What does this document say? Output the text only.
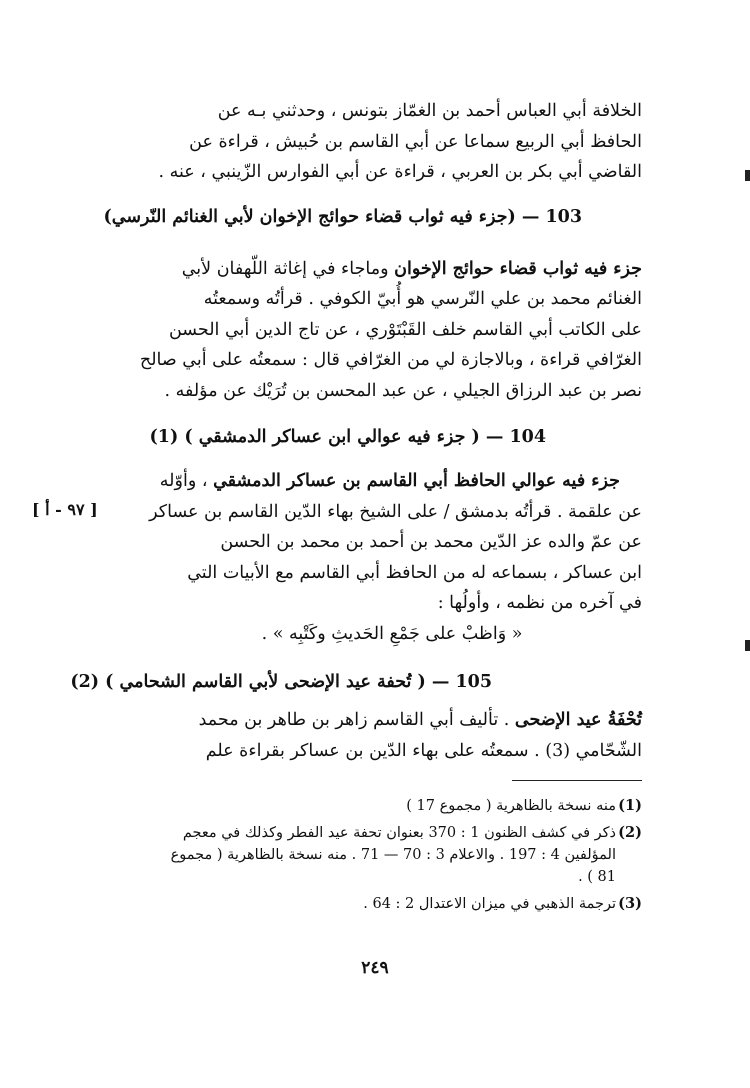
[ ٩٧ - أ ]
الخلافة أبي العباس أحمد بن الغمّاز بتونس ، وحدثني بـه عن
الحافظ أبي الربيع سماعا عن أبي القاسم بن حُبيش ، قراءة عن
القاضي أبي بكر بن العربي ، قراءة عن أبي الفوارس الزّينبي ، عنه .
103 — (جزء فيه ثواب قضاء حوائج الإخوان لأبي الغنائم النّرسي)
جزء فيه ثواب قضاء حوائج الإخوان وماجاء في إغاثة اللّهفان لأبي
الغنائم محمد بن علي النّرسي هو أُبيّ الكوفي . قرأتُه وسمعتُه
على الكاتب أبي القاسم خلف القَبْتَوْري ، عن تاج الدين أبي الحسن
الغرّافي قراءة ، وبالاجازة لي من الغرّافي قال : سمعتُه على أبي صالح
نصر بن عبد الرزاق الجيلي ، عن عبد المحسن بن تُرَيْك عن مؤلفه .
104 — ( جزء فيه عوالي ابن عساكر الدمشقي ) (1)
جزء فيه عوالي الحافظ أبي القاسم بن عساكر الدمشقي ، وأوّله
عن علقمة . قرأتُه بدمشق / على الشيخ بهاء الدّين القاسم بن عساكر
عن عمّ والده عز الدّين محمد بن أحمد بن محمد بن الحسن
ابن عساكر ، بسماعه له من الحافظ أبي القاسم مع الأبيات التي
في آخره من نظمه ، وأولُها :
« وَاظبْ على جَمْعِ الحَديثِ وكَتْبِه » .
105 — ( تُحفة عيد الإضحى لأبي القاسم الشحامي ) (2)
تُحْفَةُ عيد الإضحى . تأليف أبي القاسم زاهر بن طاهر بن محمد
الشّحّامي (3) . سمعتُه على بهاء الدّين بن عساكر بقراءة علم
(1)
منه نسخة بالظاهرية ( مجموع 17 )
(2)
ذكر في كشف الظنون 1 : 370 بعنوان تحفة عيد الفطر وكذلك في معجم
المؤلفين 4 : 197 . والاعلام 3 : 70 — 71 . منه نسخة بالظاهرية ( مجموع
81 ) .
(3)
ترجمة الذهبي في ميزان الاعتدال 2 : 64 .
٢٤٩
